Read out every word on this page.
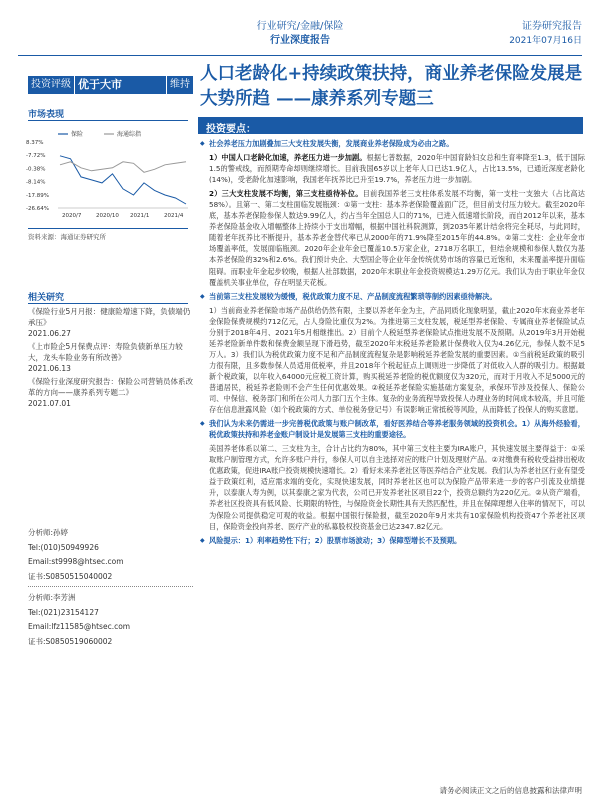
行业研究/金融/保险
行业深度报告
证券研究报告
2021年07月16日
投资评级 优于大市	维持
人口老龄化+持续政策扶持，商业养老保险发展是大势所趋 ——康养系列专题三
投资要点：
市场表现
保险	海通综指
8.37%
-7.72%
-0.38%
-8.14%
-17.89%
-26.64%
2020/7	2020/10 2021/1	2021/4
资料来源：海通证券研究所
相关研究
《保险行业5月月报：健康险增速下降，负债端仍承压》
2021.06.27
《上市险企5月保费点评：寿险负债新单压力较大，龙头车险业务有所改善》
2021.06.13
《保险行业深度研究报告：保险公司营销员体系改革的方向——康养系列专题二》
2021.07.01
分析师:孙婷
Tel:(010)50949926
Email:st9998@htsec.com
证书:S0850515040002
分析师:李芳洲
Tel:(021)23154127
Email:lfz11585@htsec.com
证书:S0850519060002

◆ 社会养老压力加剧叠加三大支柱发展失衡，发展商业养老保险成为必由之路。

1）中国人口老龄化加速，养老压力进一步加剧。根据七普数据，2020年中国育龄妇女总和生育率降至1.3，低于国际1.5的警戒线，而预期寿命却则继续增长。目前我国65岁以上老年人口已达1.9亿人，占比13.5%，已通近深度老龄化(14%)，受老龄化加速影响，我国老年抚养比已升至19.7%，养老压力进一步加剧。

2）三大支柱发展不均衡，第三支柱亟待补位。目前我国养老三支柱体系发展不均衡，第一支柱一支独大（占比高达58%）。且第一、第二支柱面临发展瓶颈：①第一支柱：基本养老保险覆盖面广泛，但目前支付压力较大。截至2020年底，基本养老保险参保人数达9.99亿人，约占当年全国总人口的71%，已进入低速增长阶段，而自2012年以来，基本养老保险基金收入增幅整体上持续小于支出增幅，根据中国社科院测算，到2035年累计结余将完全耗尽，与此同时，随着老年抚养比不断提升，基本养老金替代率已从2000年的71.9%降至2015年的44.8%。②第二支柱：企业年金市场覆盖率低，发展面临瓶颈。2020年企业年金已覆盖10.5万家企业，2718万名职工，但结余规模和参保人数仅为基本养老保险的32%和2.6%。我们预计央企、大型国企等企业年金传统优势市场的容量已近饱和，未来覆盖率提升面临阻碍。而职业年金起步较晚，根据人社部数据，2020年末职业年金投资规模达1.29万亿元。我们认为由于职业年金仅覆盖机关事业单位，存在明显天花板。

◆ 当前第三支柱发展较为缓慢，税优政策力度不足、产品制度流程繁琐等制约因素亟待解决。

1）当前商业养老保险市场产品供给仍然有限，主要以养老年金为主，产品同质化现象明显，截止2020年末商业养老年金保险保费规模约712亿元，占人身险比重仅为2%。为推进第三支柱发展，税延型养老保险、专属商业养老保险试点分别于2018年4月、2021年5月相继推出。2）目前个人税延型养老保险试点推进发展不及预期。从2019年3月开始税延养老险新单件数和保费金额呈现下滑趋势，截至2020年末税延养老险累计保费收入仅为4.26亿元，参保人数不足5万人。3）我们认为税优政策力度不足和产品制度流程复杂是影响税延养老险发展的重要因素。①当前税延政策的吸引力很有限，且多数参保人员适用低税率，并且2018年个税起征点上调则进一步降低了对低收入人群的吸引力。根据最新个税政策，以年收入64000元应税工资计算，购买税延养老险的税优额度仅为320元，而对于月收入不足5000元的普通居民，税延养老险则不会产生任何优惠效果。②税延养老保险实施基础方案复杂，承保环节涉及投保人、保险公司、中保信、税务部门和所在公司人力部门五个主体。复杂的业务流程导致投保人办理业务的时间成本较高，并且可能存在信息泄露风险（如个税政策的方式、单位税务登记号）有误影响正常抵税等风险，从而降低了投保人的购买意愿。

◆ 我们认为未来仍需进一步完善税优政策与账户制改革，看好医养结合等养老服务领域的投资机会。1）从海外经验看，税优政策扶持和养老金账户制设计是发展第三支柱的重要途径。

美国养老体系以第二、三支柱为主，合计占比约为80%，其中第三支柱主要为IRA账户，其快速发展主要得益于：①采取账户制管理方式，允许多账户并行，参保人可以自主选择对应的账户计划及理财产品。②对缴费有税收受益排出税收优惠政策，促进IRA账户投资规模快速增长。2）看好未来养老社区等医养结合产业发展。我们认为养老社区行业有望受益于政策红利，适应需求端的变化，实现快速发展，同时养老社区也可以为保险产品带来进一步的客户引流及业绩提升，以泰康人寿为例，以其泰康之家为代表，公司已开发养老社区项目22个，投资总额约为220亿元。②从资产端看，养老社区投资具有低风险、长期限的特性，与保险资金长期性具有天然匹配性，并且在保障理想入住率的情况下，可以为保险公司提供稳定可观的收益。根据中国银行保险报，截至2020年9月末共有10家保险机构投资47个养老社区项目，保险资金投向养老、医疗产业的私募股权投资基金已达2347.82亿元。

◆ 风险提示：1）利率趋势性下行；2）股票市场波动；3）保障型增长不及预期。

请务必阅读正文之后的信息披露和法律声明
